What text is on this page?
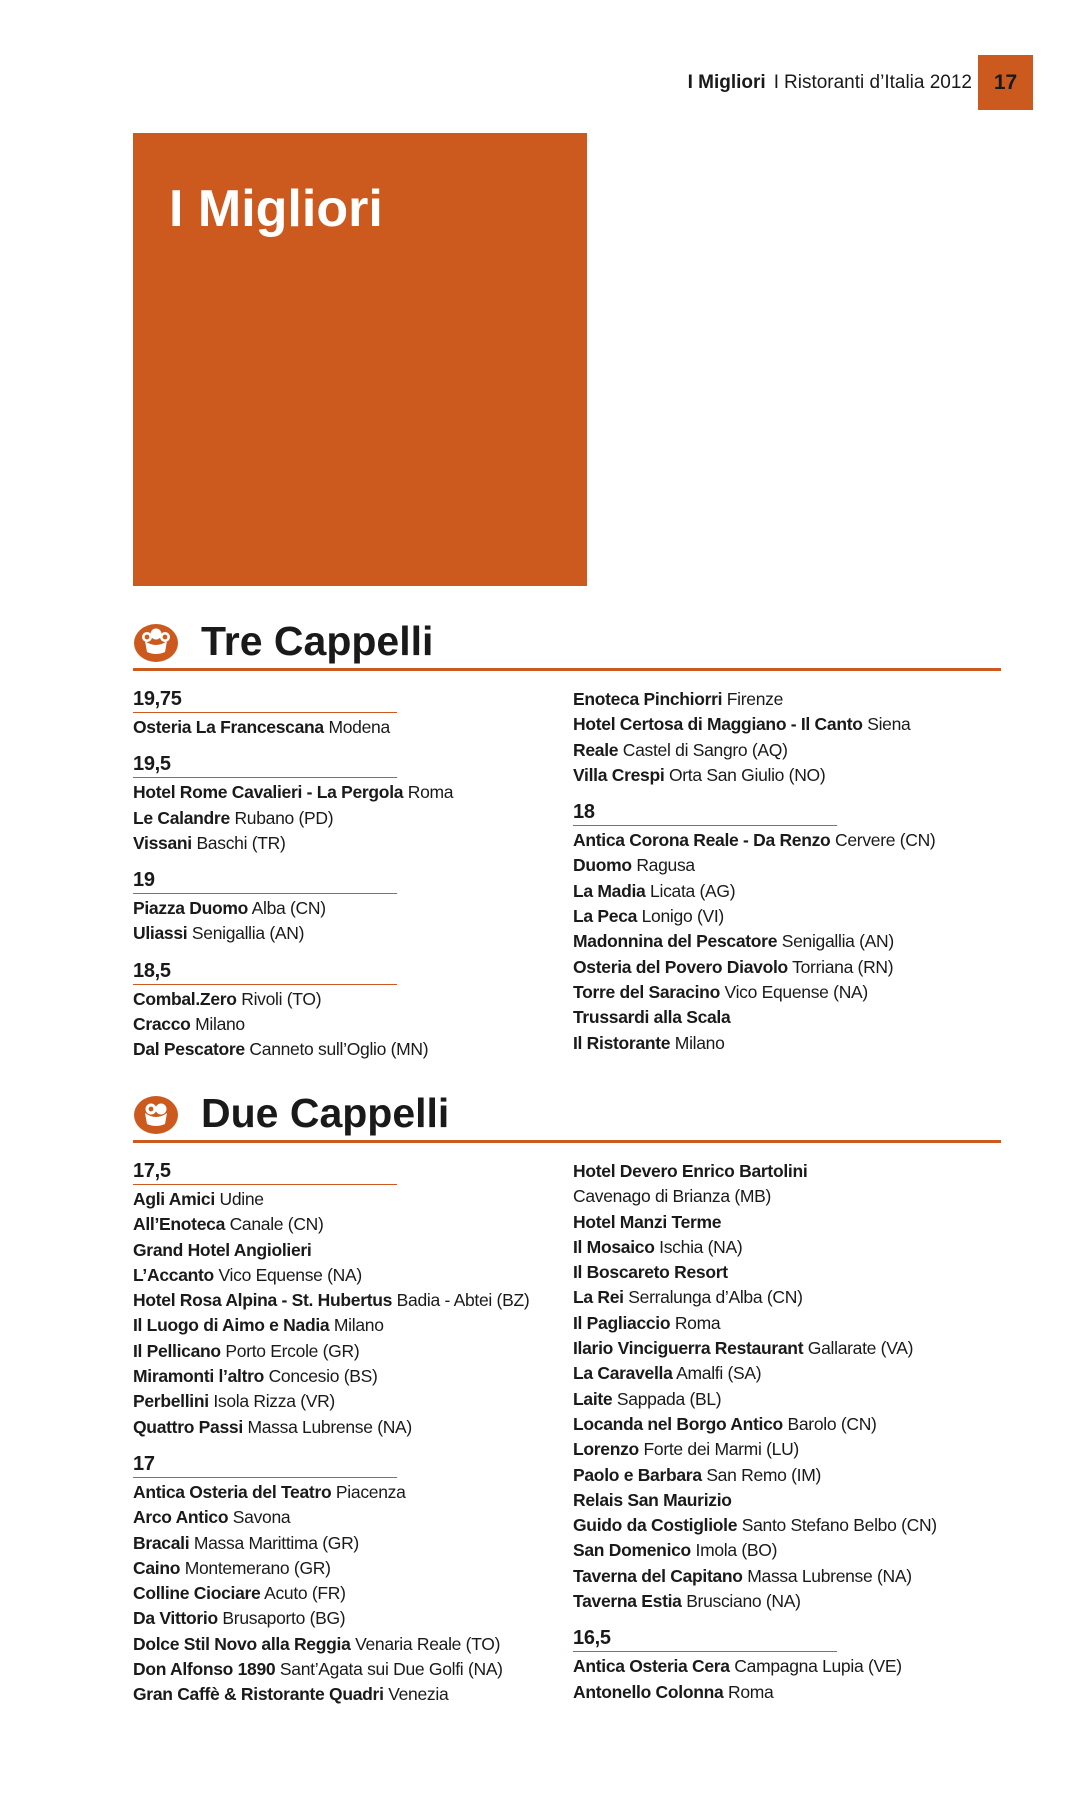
I Migliori I Ristoranti d’Italia 2012	17
I Migliori
Tre Cappelli
19,75
Osteria La Francescana Modena
19,5
Hotel Rome Cavalieri - La Pergola Roma
Le Calandre Rubano (PD)
Vissani Baschi (TR)
19
Piazza Duomo Alba (CN)
Uliassi Senigallia (AN)
18,5
Combal.Zero Rivoli (TO)
Cracco Milano
Dal Pescatore Canneto sull’Oglio (MN)
Enoteca Pinchiorri Firenze
Hotel Certosa di Maggiano - Il Canto Siena
Reale Castel di Sangro (AQ)
Villa Crespi Orta San Giulio (NO)
18
Antica Corona Reale - Da Renzo Cervere (CN)
Duomo Ragusa
La Madia Licata (AG)
La Peca Lonigo (VI)
Madonnina del Pescatore Senigallia (AN)
Osteria del Povero Diavolo Torriana (RN)
Torre del Saracino Vico Equense (NA)
Trussardi alla Scala
Il Ristorante Milano
Due Cappelli
17,5
Agli Amici Udine
All’Enoteca Canale (CN)
Grand Hotel Angiolieri
L’Accanto Vico Equense (NA)
Hotel Rosa Alpina - St. Hubertus Badia - Abtei (BZ)
Il Luogo di Aimo e Nadia Milano
Il Pellicano Porto Ercole (GR)
Miramonti l’altro Concesio (BS)
Perbellini Isola Rizza (VR)
Quattro Passi Massa Lubrense (NA)
17
Antica Osteria del Teatro Piacenza
Arco Antico Savona
Bracali Massa Marittima (GR)
Caino Montemerano (GR)
Colline Ciociare Acuto (FR)
Da Vittorio Brusaporto (BG)
Dolce Stil Novo alla Reggia Venaria Reale (TO)
Don Alfonso 1890 Sant’Agata sui Due Golfi (NA)
Gran Caffè & Ristorante Quadri Venezia
Hotel Devero Enrico Bartolini
Cavenago di Brianza (MB)
Hotel Manzi Terme
Il Mosaico Ischia (NA)
Il Boscareto Resort
La Rei Serralunga d’Alba (CN)
Il Pagliaccio Roma
Ilario Vinciguerra Restaurant Gallarate (VA)
La Caravella Amalfi (SA)
Laite Sappada (BL)
Locanda nel Borgo Antico Barolo (CN)
Lorenzo Forte dei Marmi (LU)
Paolo e Barbara San Remo (IM)
Relais San Maurizio
Guido da Costigliole Santo Stefano Belbo (CN)
San Domenico Imola (BO)
Taverna del Capitano Massa Lubrense (NA)
Taverna Estia Brusciano (NA)
16,5
Antica Osteria Cera Campagna Lupia (VE)
Antonello Colonna Roma
